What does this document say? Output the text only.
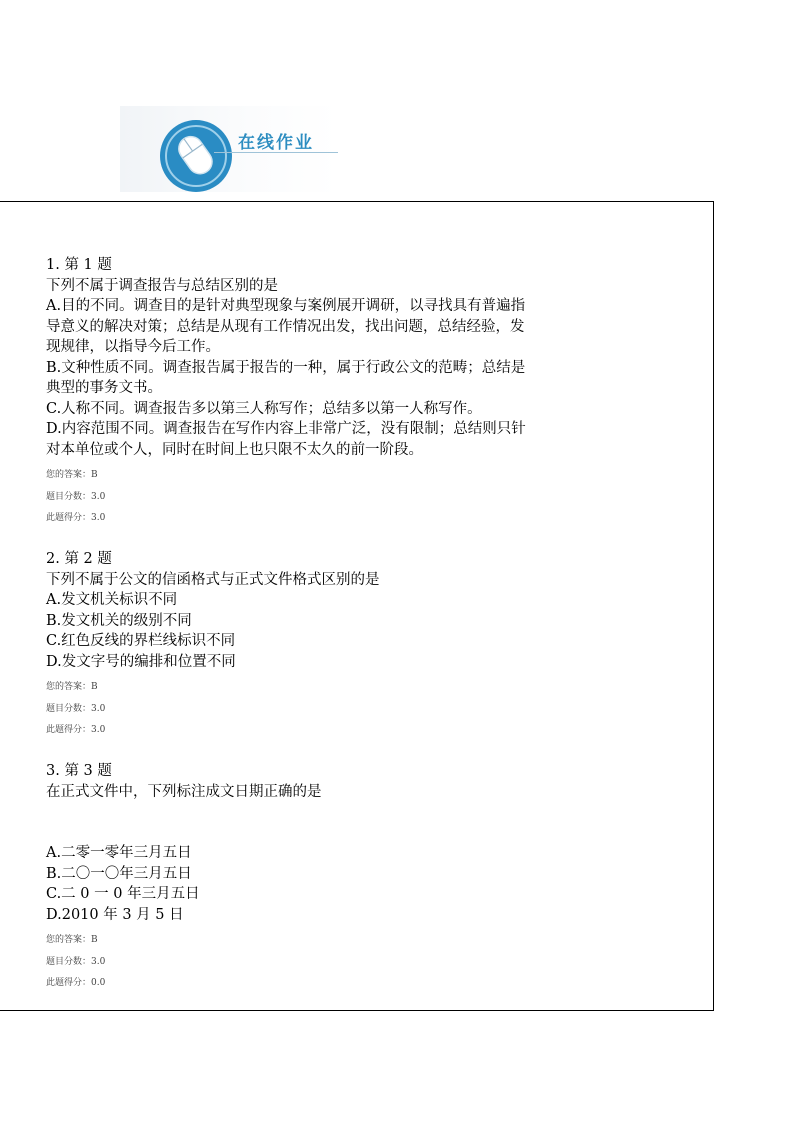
在线作业
1. 第 1 题
下列不属于调查报告与总结区别的是
A.目的不同。调查目的是针对典型现象与案例展开调研，以寻找具有普遍指
导意义的解决对策；总结是从现有工作情况出发，找出问题，总结经验，发
现规律，以指导今后工作。
B.文种性质不同。调查报告属于报告的一种，属于行政公文的范畴；总结是
典型的事务文书。
C.人称不同。调查报告多以第三人称写作；总结多以第一人称写作。
D.内容范围不同。调查报告在写作内容上非常广泛，没有限制；总结则只针
对本单位或个人，同时在时间上也只限不太久的前一阶段。
您的答案：B
题目分数：3.0
此题得分：3.0
2. 第 2 题
下列不属于公文的信函格式与正式文件格式区别的是
A.发文机关标识不同
B.发文机关的级别不同
C.红色反线的界栏线标识不同
D.发文字号的编排和位置不同
您的答案：B
题目分数：3.0
此题得分：3.0
3. 第 3 题
在正式文件中，下列标注成文日期正确的是

A.二零一零年三月五日
B.二〇一〇年三月五日
C.二 0 一 0 年三月五日
D.2010 年 3 月 5 日
您的答案：B
题目分数：3.0
此题得分：0.0
